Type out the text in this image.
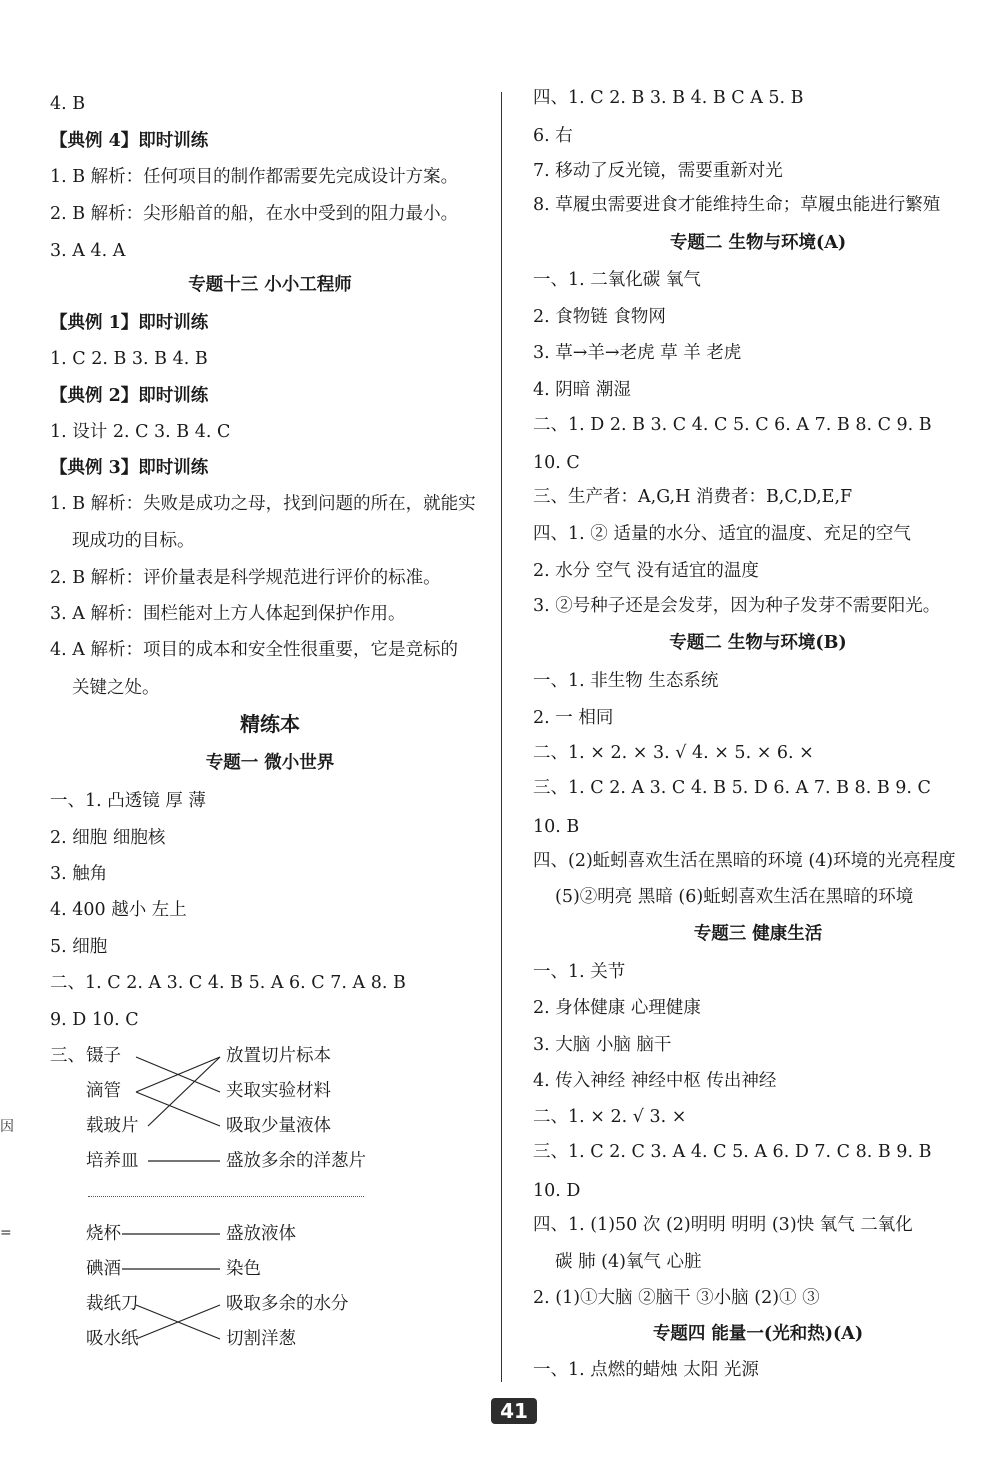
因
=
4. B
【典例 4】即时训练
1. B 解析：任何项目的制作都需要先完成设计方案。
2. B 解析：尖形船首的船，在水中受到的阻力最小。
3. A 4. A
专题十三 小小工程师
【典例 1】即时训练
1. C 2. B 3. B 4. B
【典例 2】即时训练
1. 设计 2. C 3. B 4. C
【典例 3】即时训练
1. B 解析：失败是成功之母，找到问题的所在，就能实
现成功的目标。
2. B 解析：评价量表是科学规范进行评价的标准。
3. A 解析：围栏能对上方人体起到保护作用。
4. A 解析：项目的成本和安全性很重要，它是竞标的
关键之处。
精练本
专题一 微小世界
一、1. 凸透镜 厚 薄
2. 细胞 细胞核
3. 触角
4. 400 越小 左上
5. 细胞
二、1. C 2. A 3. C 4. B 5. A 6. C 7. A 8. B
9. D 10. C
三、 镊子
滴管
载玻片
培养皿
放置切片标本
夹取实验材料
吸取少量液体
盛放多余的洋葱片
烧杯
碘酒
裁纸刀
吸水纸
盛放液体
染色
吸取多余的水分
切割洋葱
四、1. C 2. B 3. B 4. B C A 5. B
6. 右
7. 移动了反光镜，需要重新对光
8. 草履虫需要进食才能维持生命；草履虫能进行繁殖
专题二 生物与环境(A)
一、1. 二氧化碳 氧气
2. 食物链 食物网
3. 草→羊→老虎 草 羊 老虎
4. 阴暗 潮湿
二、1. D 2. B 3. C 4. C 5. C 6. A 7. B 8. C 9. B
10. C
三、生产者：A,G,H 消费者：B,C,D,E,F
四、1. ② 适量的水分、适宜的温度、充足的空气
2. 水分 空气 没有适宜的温度
3. ②号种子还是会发芽，因为种子发芽不需要阳光。
专题二 生物与环境(B)
一、1. 非生物 生态系统
2. 一 相同
二、1. × 2. × 3. √ 4. × 5. × 6. ×
三、1. C 2. A 3. C 4. B 5. D 6. A 7. B 8. B 9. C
10. B
四、(2)蚯蚓喜欢生活在黑暗的环境 (4)环境的光亮程度
(5)②明亮 黑暗 (6)蚯蚓喜欢生活在黑暗的环境
专题三 健康生活
一、1. 关节
2. 身体健康 心理健康
3. 大脑 小脑 脑干
4. 传入神经 神经中枢 传出神经
二、1. × 2. √ 3. ×
三、1. C 2. C 3. A 4. C 5. A 6. D 7. C 8. B 9. B
10. D
四、1. (1)50 次 (2)明明 明明 (3)快 氧气 二氧化
碳 肺 (4)氧气 心脏
2. (1)①大脑 ②脑干 ③小脑 (2)① ③
专题四 能量一(光和热)(A)
一、1. 点燃的蜡烛 太阳 光源
41
